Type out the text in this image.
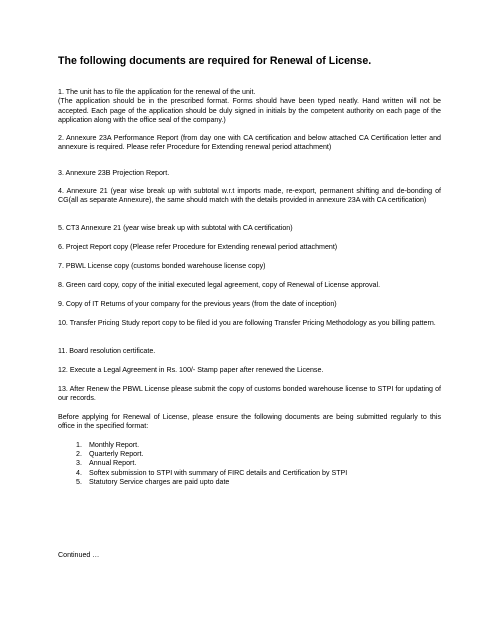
The following documents are required for Renewal of License.

1. The unit has to file the application for the renewal of the unit.
(The application should be in the prescribed format. Forms should have been typed neatly. Hand written will not be accepted. Each page of the application should be duly signed in initials by the competent authority on each page of the application along with the office seal of the company.)

2. Annexure 23A Performance Report (from day one with CA certification and below attached CA Certification letter and annexure is required. Please refer Procedure for Extending renewal period attachment)

3. Annexure 23B Projection Report.

4. Annexure 21 (year wise break up with subtotal w.r.t imports made, re-export, permanent shifting and de-bonding of CG(all as separate Annexure), the same should match with the details provided in annexure 23A with CA certification)

5. CT3 Annexure 21 (year wise break up with subtotal with CA certification)

6. Project Report copy (Please refer Procedure for Extending renewal period attachment)

7. PBWL License copy (customs bonded warehouse license copy)

8. Green card copy, copy of the initial executed legal agreement, copy of Renewal of License approval.

9. Copy of IT Returns of your company for the previous years (from the date of inception)

10. Transfer Pricing Study report copy to be filed id you are following Transfer Pricing Methodology as you billing pattern.

11. Board resolution certificate.

12. Execute a Legal Agreement in Rs. 100/- Stamp paper after renewed the License.

13. After Renew the PBWL License please submit the copy of customs bonded warehouse license to STPI for updating of our records.

Before applying for Renewal of License, please ensure the following documents are being submitted regularly to this office in the specified format:

1. Monthly Report.
2. Quarterly Report.
3. Annual Report.
4. Softex submission to STPI with summary of FIRC details and Certification by STPI
5. Statutory Service charges are paid upto date
Continued …
